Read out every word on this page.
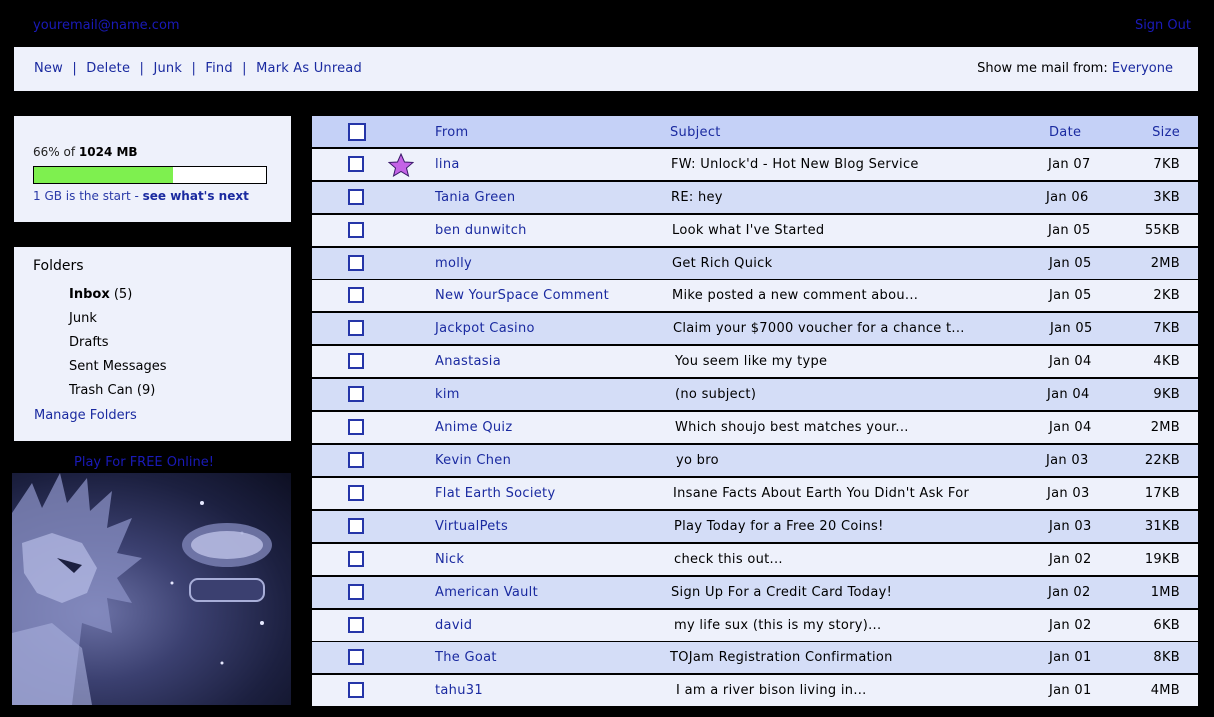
youremail@name.com	Sign Out
New | Delete | Junk | Find | Mark As Unread	Show me mail from: Everyone
66% of 1024 MB
1 GB is the start - see what's next
Folders
Inbox (5)
Junk
Drafts
Sent Messages
Trash Can (9)
Manage Folders
Play For FREE Online!
From	Subject	Date	Size
lina	FW: Unlock'd - Hot New Blog Service	Jan 07	7KB
Tania Green	RE: hey	Jan 06	3KB
ben dunwitch	Look what I've Started	Jan 05	55KB
molly	Get Rich Quick	Jan 05	2MB
New YourSpace Comment	Mike posted a new comment abou...	Jan 05	2KB
Jackpot Casino	Claim your $7000 voucher for a chance t...	Jan 05	7KB
Anastasia	You seem like my type	Jan 04	4KB
kim	(no subject)	Jan 04	9KB
Anime Quiz	Which shoujo best matches your...	Jan 04	2MB
Kevin Chen	yo bro	Jan 03	22KB
Flat Earth Society	Insane Facts About Earth You Didn't Ask For	Jan 03	17KB
VirtualPets	Play Today for a Free 20 Coins!	Jan 03	31KB
Nick	check this out...	Jan 02	19KB
American Vault	Sign Up For a Credit Card Today!	Jan 02	1MB
david	my life sux (this is my story)...	Jan 02	6KB
The Goat	TOJam Registration Confirmation	Jan 01	8KB
tahu31	I am a river bison living in...	Jan 01	4MB
